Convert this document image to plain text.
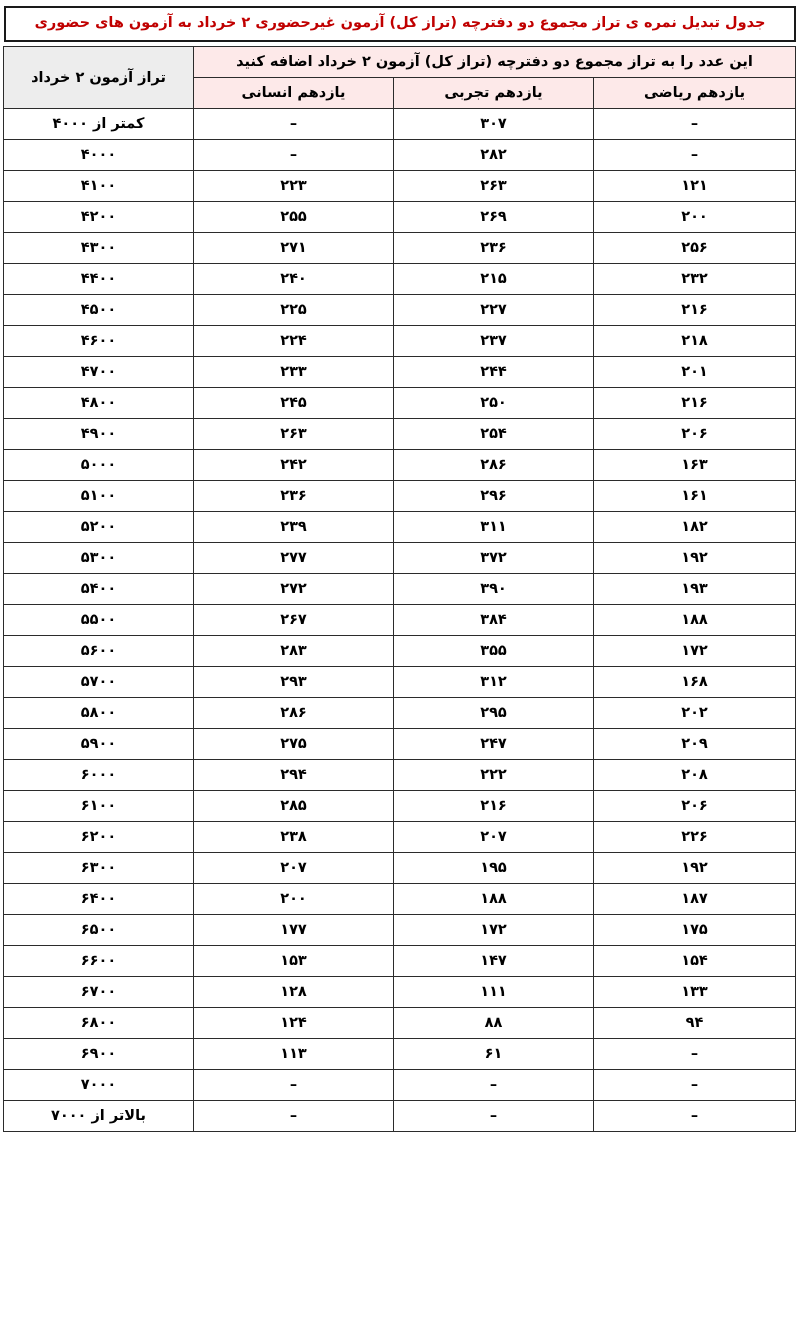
جدول تبدیل نمره ی تراز مجموع دو دفترچه (تراز کل) آزمون غیرحضوری ۲ خرداد به آزمون های حضوری
این عدد را به تراز مجموع دو دفترچه (تراز کل) آزمون ۲ خرداد اضافه کنید			تراز آزمون ۲ خرداد
یازدهم ریاضی	یازدهم تجربی	یازدهم انسانی	
–	۳۰۷	–	کمتر از ۴۰۰۰
–	۲۸۲	–	۴۰۰۰
۱۲۱	۲۶۳	۲۲۳	۴۱۰۰
۲۰۰	۲۶۹	۲۵۵	۴۲۰۰
۲۵۶	۲۳۶	۲۷۱	۴۳۰۰
۲۳۲	۲۱۵	۲۴۰	۴۴۰۰
۲۱۶	۲۲۷	۲۲۵	۴۵۰۰
۲۱۸	۲۳۷	۲۲۴	۴۶۰۰
۲۰۱	۲۴۴	۲۳۳	۴۷۰۰
۲۱۶	۲۵۰	۲۴۵	۴۸۰۰
۲۰۶	۲۵۴	۲۶۳	۴۹۰۰
۱۶۳	۲۸۶	۲۴۲	۵۰۰۰
۱۶۱	۲۹۶	۲۳۶	۵۱۰۰
۱۸۲	۳۱۱	۲۳۹	۵۲۰۰
۱۹۲	۳۷۲	۲۷۷	۵۳۰۰
۱۹۳	۳۹۰	۲۷۲	۵۴۰۰
۱۸۸	۳۸۴	۲۶۷	۵۵۰۰
۱۷۲	۳۵۵	۲۸۳	۵۶۰۰
۱۶۸	۳۱۲	۲۹۳	۵۷۰۰
۲۰۲	۲۹۵	۲۸۶	۵۸۰۰
۲۰۹	۲۴۷	۲۷۵	۵۹۰۰
۲۰۸	۲۲۲	۲۹۴	۶۰۰۰
۲۰۶	۲۱۶	۲۸۵	۶۱۰۰
۲۲۶	۲۰۷	۲۳۸	۶۲۰۰
۱۹۲	۱۹۵	۲۰۷	۶۳۰۰
۱۸۷	۱۸۸	۲۰۰	۶۴۰۰
۱۷۵	۱۷۲	۱۷۷	۶۵۰۰
۱۵۴	۱۴۷	۱۵۳	۶۶۰۰
۱۳۳	۱۱۱	۱۲۸	۶۷۰۰
۹۴	۸۸	۱۲۴	۶۸۰۰
–	۶۱	۱۱۳	۶۹۰۰
–	–	–	۷۰۰۰
–	–	–	بالاتر از ۷۰۰۰
